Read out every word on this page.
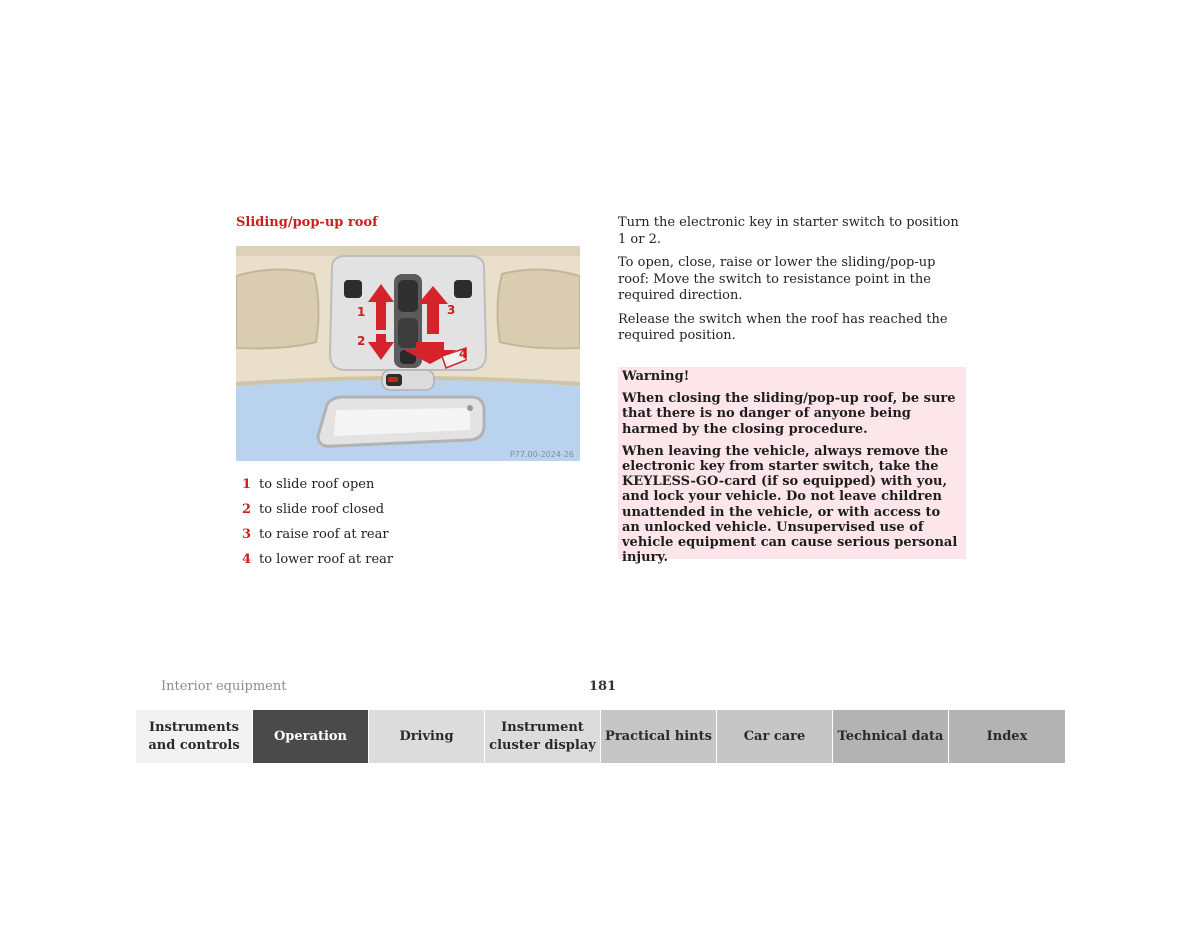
Sliding/pop-up roof
1
2
3
4
P77.00-2024-26
1 to slide roof open
2 to slide roof closed
3 to raise roof at rear
4 to lower roof at rear

Turn the electronic key in starter switch to position 1 or 2.

To open, close, raise or lower the sliding/pop-up roof: Move the switch to resistance point in the required direction.

Release the switch when the roof has reached the required position.

Warning!

When closing the sliding/pop-up roof, be sure that there is no danger of anyone being harmed by the closing procedure.

When leaving the vehicle, always remove the electronic key from starter switch, take the KEYLESS-GO-card (if so equipped) with you, and lock your vehicle. Do not leave children unattended in the vehicle, or with access to an unlocked vehicle. Unsupervised use of vehicle equipment can cause serious personal injury.

Interior equipment	181
Instruments and controls
Operation	Driving
Instrument cluster display
Practical hints	Car care	Technical data	Index
